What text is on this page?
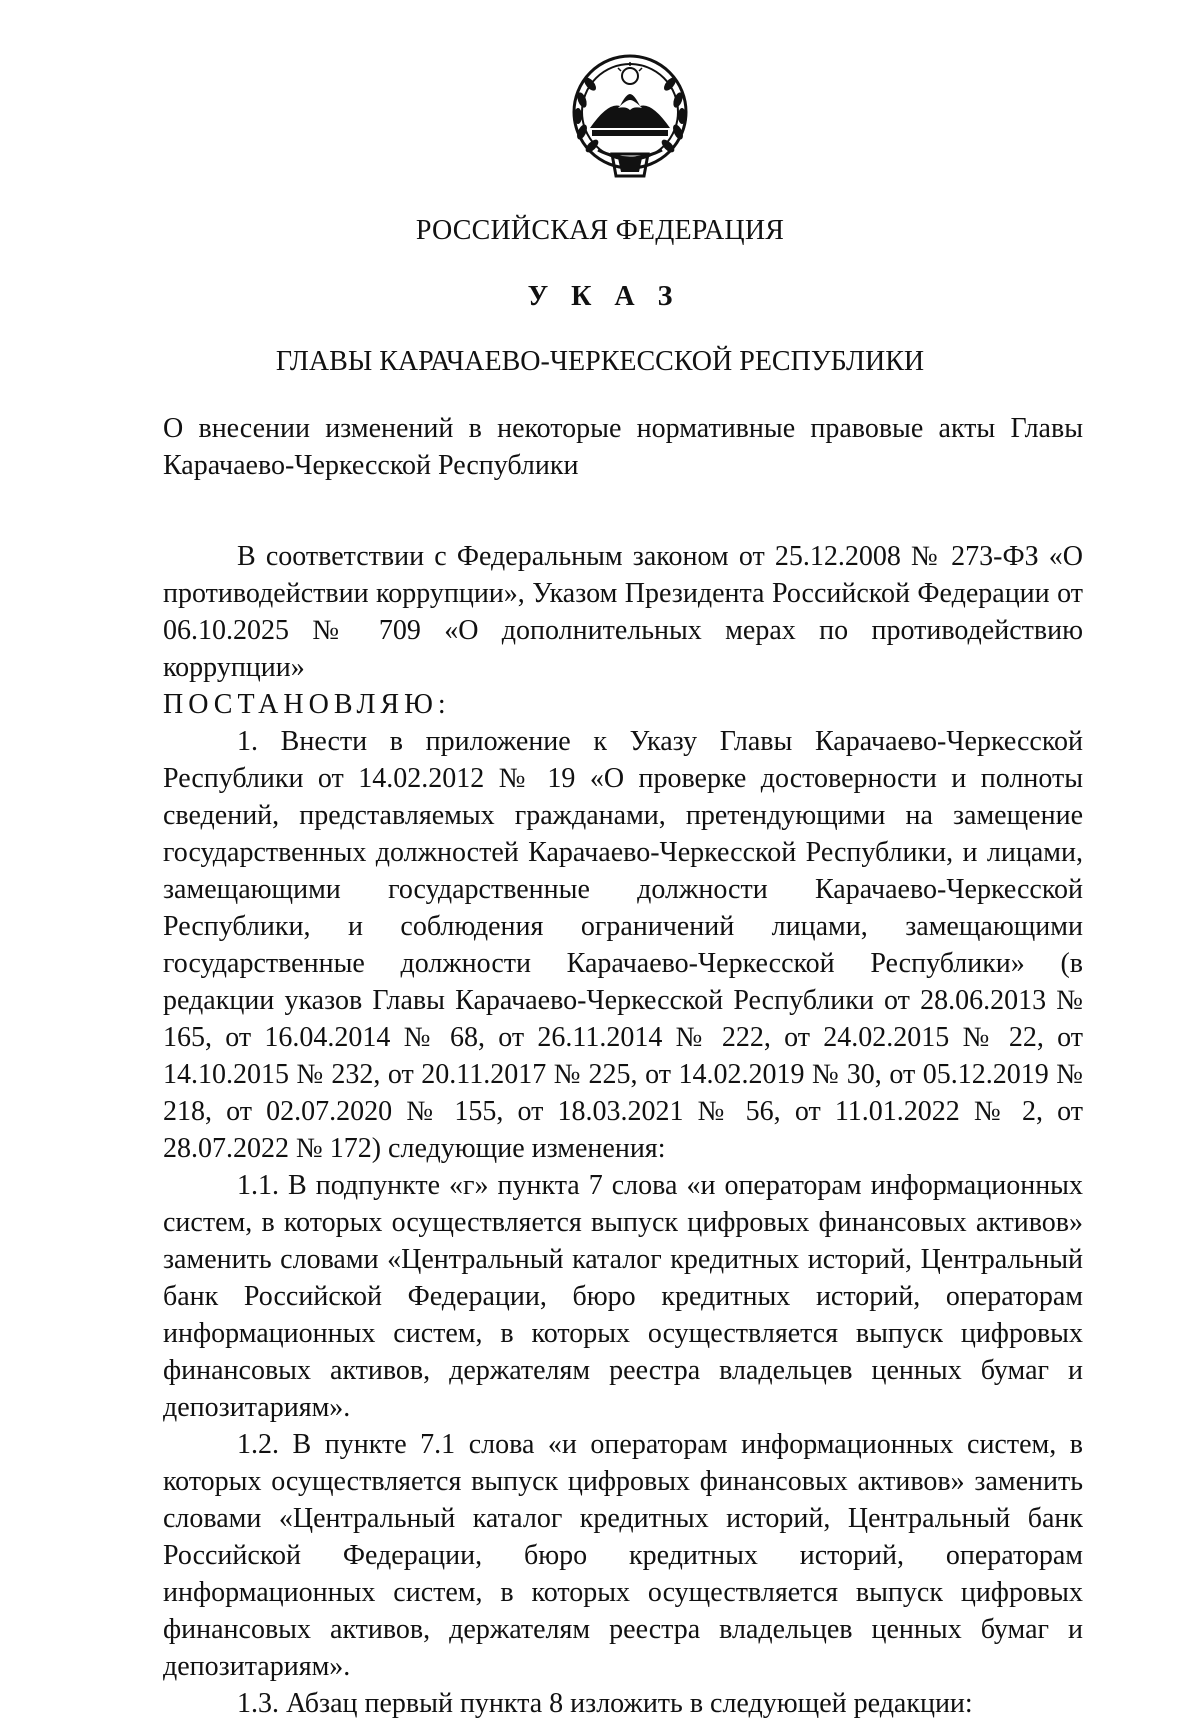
РОССИЙСКАЯ ФЕДЕРАЦИЯ
У К А З
ГЛАВЫ КАРАЧАЕВО-ЧЕРКЕССКОЙ РЕСПУБЛИКИ
О внесении изменений в некоторые нормативные правовые акты Главы Карачаево-Черкесской Республики

В соответствии с Федеральным законом от 25.12.2008 № 273-ФЗ «О противодействии коррупции», Указом Президента Российской Федерации от 06.10.2025 № 709 «О дополнительных мерах по противодействию коррупции»

ПОСТАНОВЛЯЮ:

1. Внести в приложение к Указу Главы Карачаево-Черкесской Республики от 14.02.2012 № 19 «О проверке достоверности и полноты сведений, представляемых гражданами, претендующими на замещение государственных должностей Карачаево-Черкесской Республики, и лицами, замещающими государственные должности Карачаево-Черкесской Республики, и соблюдения ограничений лицами, замещающими государственные должности Карачаево-Черкесской Республики» (в редакции указов Главы Карачаево-Черкесской Республики от 28.06.2013 № 165, от 16.04.2014 № 68, от 26.11.2014 № 222, от 24.02.2015 № 22, от 14.10.2015 № 232, от 20.11.2017 № 225, от 14.02.2019 № 30, от 05.12.2019 № 218, от 02.07.2020 № 155, от 18.03.2021 № 56, от 11.01.2022 № 2, от 28.07.2022 № 172) следующие изменения:

1.1. В подпункте «г» пункта 7 слова «и операторам информационных систем, в которых осуществляется выпуск цифровых финансовых активов» заменить словами «Центральный каталог кредитных историй, Центральный банк Российской Федерации, бюро кредитных историй, операторам информационных систем, в которых осуществляется выпуск цифровых финансовых активов, держателям реестра владельцев ценных бумаг и депозитариям».

1.2. В пункте 7.1 слова «и операторам информационных систем, в которых осуществляется выпуск цифровых финансовых активов» заменить словами «Центральный каталог кредитных историй, Центральный банк Российской Федерации, бюро кредитных историй, операторам информационных систем, в которых осуществляется выпуск цифровых финансовых активов, держателям реестра владельцев ценных бумаг и депозитариям».

1.3. Абзац первый пункта 8 изложить в следующей редакции:
